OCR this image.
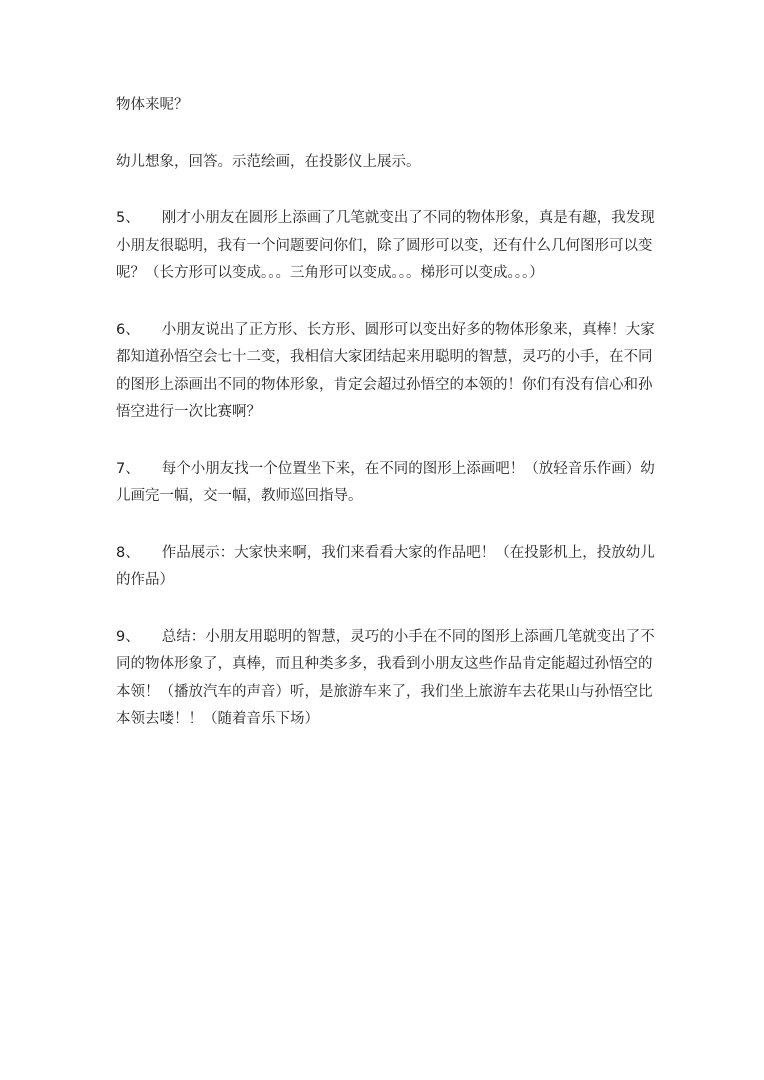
物体来呢？

幼儿想象，回答。示范绘画，在投影仪上展示。

5、 刚才小朋友在圆形上添画了几笔就变出了不同的物体形象，真是有趣，我发现小朋友很聪明，我有一个问题要问你们，除了圆形可以变，还有什么几何图形可以变呢？（长方形可以变成。。。三角形可以变成。。。梯形可以变成。。。）

6、 小朋友说出了正方形、长方形、圆形可以变出好多的物体形象来，真棒！大家都知道孙悟空会七十二变，我相信大家团结起来用聪明的智慧，灵巧的小手，在不同的图形上添画出不同的物体形象，肯定会超过孙悟空的本领的！你们有没有信心和孙悟空进行一次比赛啊？

7、 每个小朋友找一个位置坐下来，在不同的图形上添画吧！（放轻音乐作画）幼儿画完一幅，交一幅，教师巡回指导。

8、 作品展示：大家快来啊，我们来看看大家的作品吧！（在投影机上，投放幼儿的作品）

9、 总结：小朋友用聪明的智慧，灵巧的小手在不同的图形上添画几笔就变出了不同的物体形象了，真棒，而且种类多多，我看到小朋友这些作品肯定能超过孙悟空的本领！（播放汽车的声音）听，是旅游车来了，我们坐上旅游车去花果山与孙悟空比本领去喽！！（随着音乐下场）
